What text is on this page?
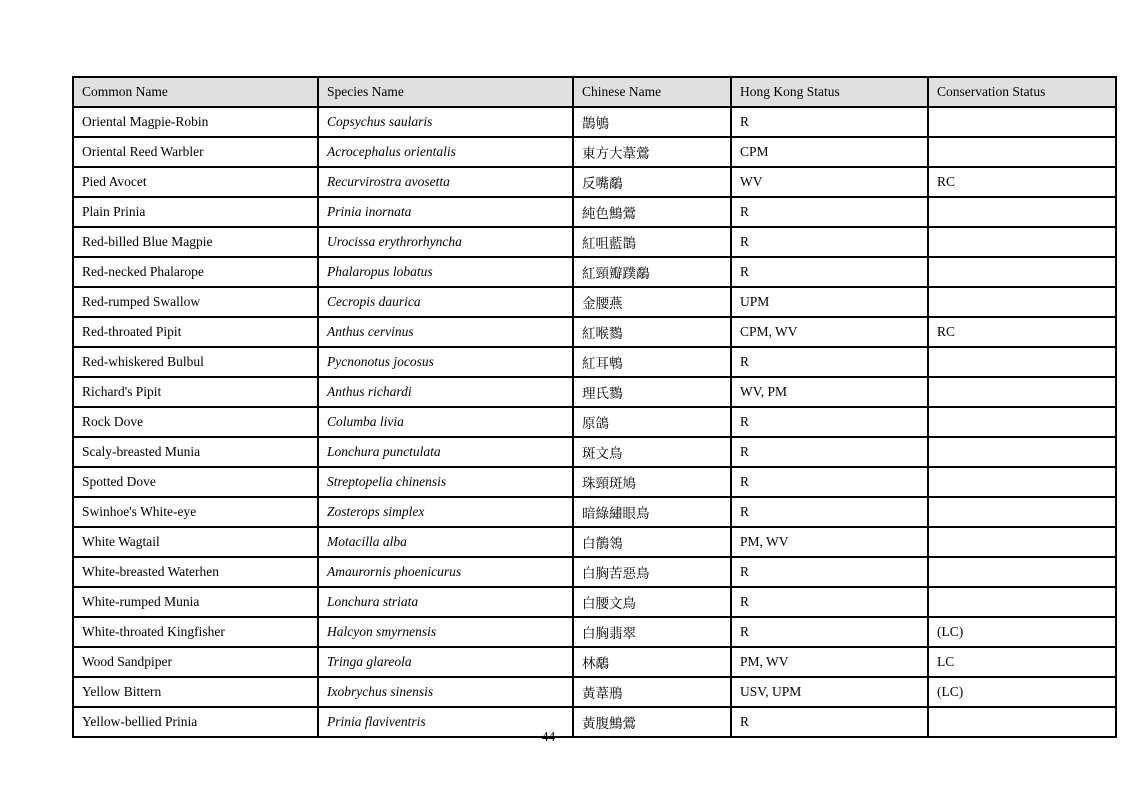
Common Name	Species Name	Chinese Name	Hong Kong Status	Conservation Status
Oriental Magpie-Robin	Copsychus saularis	鵲鴝	R	
Oriental Reed Warbler	Acrocephalus orientalis	東方大葦鶯	CPM	
Pied Avocet	Recurvirostra avosetta	反嘴鷸	WV	RC
Plain Prinia	Prinia inornata	純色鷦鶯	R	
Red-billed Blue Magpie	Urocissa erythrorhyncha	紅咀藍鵲	R	
Red-necked Phalarope	Phalaropus lobatus	紅頸瓣蹼鷸	R	
Red-rumped Swallow	Cecropis daurica	金腰燕	UPM	
Red-throated Pipit	Anthus cervinus	紅喉鷚	CPM, WV	RC
Red-whiskered Bulbul	Pycnonotus jocosus	紅耳鵯	R	
Richard's Pipit	Anthus richardi	理氏鷚	WV, PM	
Rock Dove	Columba livia	原鴿	R	
Scaly-breasted Munia	Lonchura punctulata	斑文鳥	R	
Spotted Dove	Streptopelia chinensis	珠頸斑鳩	R	
Swinhoe's White-eye	Zosterops simplex	暗綠繡眼鳥	R	
White Wagtail	Motacilla alba	白鶺鴒	PM, WV	
White-breasted Waterhen	Amaurornis phoenicurus	白胸苦惡鳥	R	
White-rumped Munia	Lonchura striata	白腰文鳥	R	
White-throated Kingfisher	Halcyon smyrnensis	白胸翡翠	R	(LC)
Wood Sandpiper	Tringa glareola	林鷸	PM, WV	LC
Yellow Bittern	Ixobrychus sinensis	黃葦鳽	USV, UPM	(LC)
Yellow-bellied Prinia	Prinia flaviventris	黃腹鷦鶯	R	
44
